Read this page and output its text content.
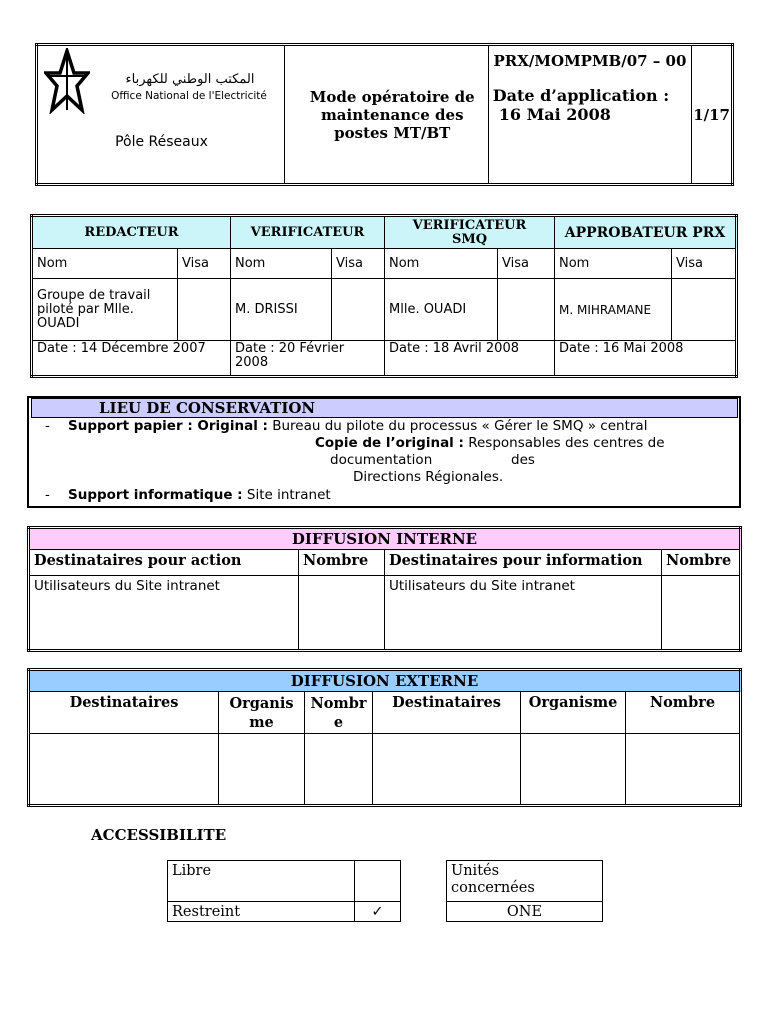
المكتب الوطني للكهرباء
Office National de l'Electricité
Pôle Réseaux

Mode opératoire de maintenance des postes MT/BT

PRX/MOMPMB/07 – 00
Date d’application :
16 Mai 2008	1/17
REDACTEUR		VERIFICATEUR		VERIFICATEUR SMQ		APPROBATEUR PRX	
Nom	Visa	Nom	Visa	Nom	Visa	Nom	Visa
Groupe de travail piloté par Mlle. OUADI		M. DRISSI		Mlle. OUADI		M. MIHRAMANE	
Date : 14 Décembre 2007		Date : 20 Février 2008		Date : 18 Avril 2008		Date : 16 Mai 2008	
LIEU DE CONSERVATION
- Support papier : Original : Bureau du pilote du processus « Gérer le SMQ » central
Copie de l’original : Responsables des centres de
documentation	des
Directions Régionales.
- Support informatique : Site intranet
DIFFUSION INTERNE			
Destinataires pour action	Nombre	Destinataires pour information	Nombre
Utilisateurs du Site intranet		Utilisateurs du Site intranet	
DIFFUSION EXTERNE					
Destinataires	Organis me	Nombr e	Destinataires	Organisme	Nombre

ACCESSIBILITE
Libre	
Restreint	✓
Unités concernées
ONE
